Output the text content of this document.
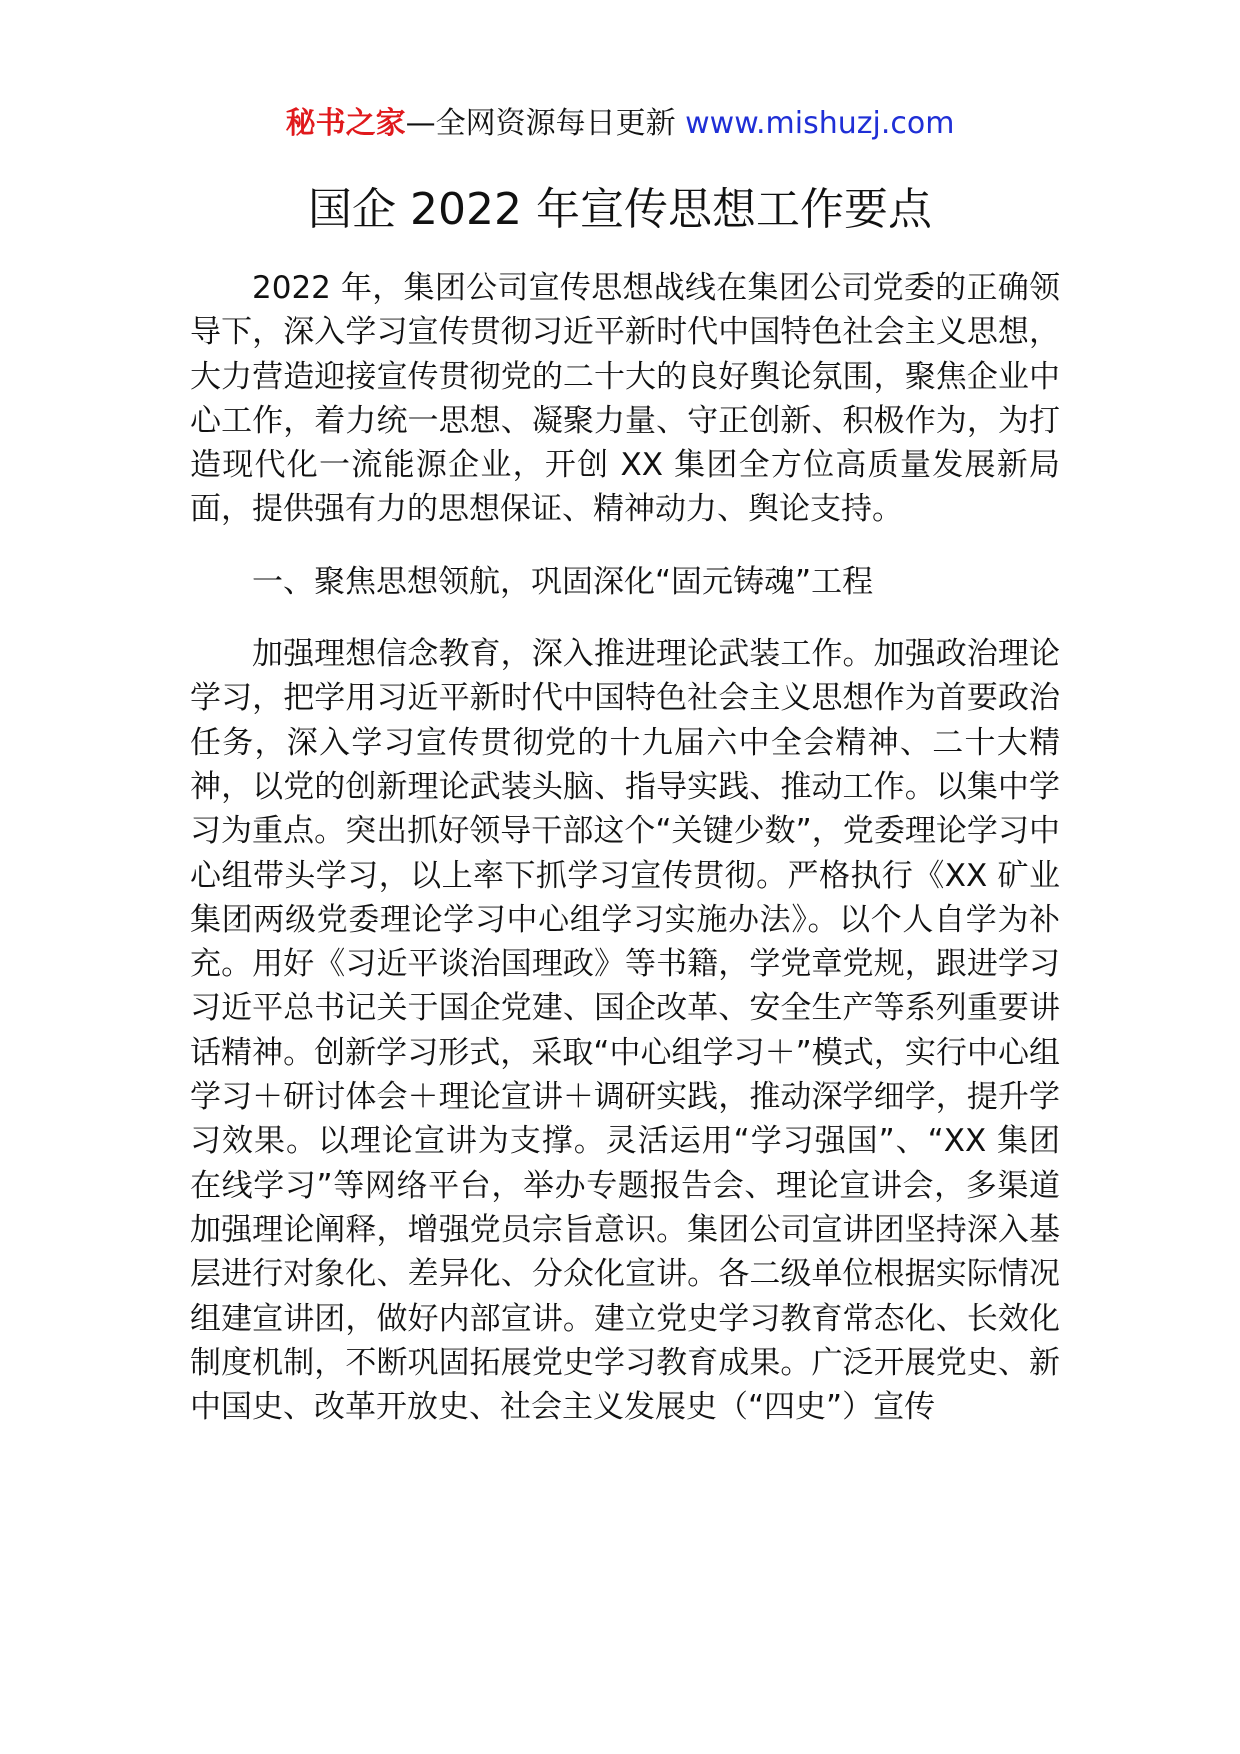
秘书之家—全网资源每日更新 www.mishuzj.com
国企 2022 年宣传思想工作要点

2022 年，集团公司宣传思想战线在集团公司党委的正确领导下，深入学习宣传贯彻习近平新时代中国特色社会主义思想，大力营造迎接宣传贯彻党的二十大的良好舆论氛围，聚焦企业中心工作，着力统一思想、凝聚力量、守正创新、积极作为，为打造现代化一流能源企业，开创 XX 集团全方位高质量发展新局面，提供强有力的思想保证、精神动力、舆论支持。

一、聚焦思想领航，巩固深化“固元铸魂”工程

加强理想信念教育，深入推进理论武装工作。加强政治理论学习，把学用习近平新时代中国特色社会主义思想作为首要政治任务，深入学习宣传贯彻党的十九届六中全会精神、二十大精神，以党的创新理论武装头脑、指导实践、推动工作。以集中学习为重点。突出抓好领导干部这个“关键少数”，党委理论学习中心组带头学习，以上率下抓学习宣传贯彻。严格执行《XX 矿业集团两级党委理论学习中心组学习实施办法》。以个人自学为补充。用好《习近平谈治国理政》等书籍，学党章党规，跟进学习习近平总书记关于国企党建、国企改革、安全生产等系列重要讲话精神。创新学习形式，采取“中心组学习＋”模式，实行中心组学习＋研讨体会＋理论宣讲＋调研实践，推动深学细学，提升学习效果。以理论宣讲为支撑。灵活运用“学习强国”、“XX 集团在线学习”等网络平台，举办专题报告会、理论宣讲会，多渠道加强理论阐释，增强党员宗旨意识。集团公司宣讲团坚持深入基层进行对象化、差异化、分众化宣讲。各二级单位根据实际情况组建宣讲团，做好内部宣讲。建立党史学习教育常态化、长效化制度机制，不断巩固拓展党史学习教育成果。广泛开展党史、新中国史、改革开放史、社会主义发展史（“四史”）宣传
